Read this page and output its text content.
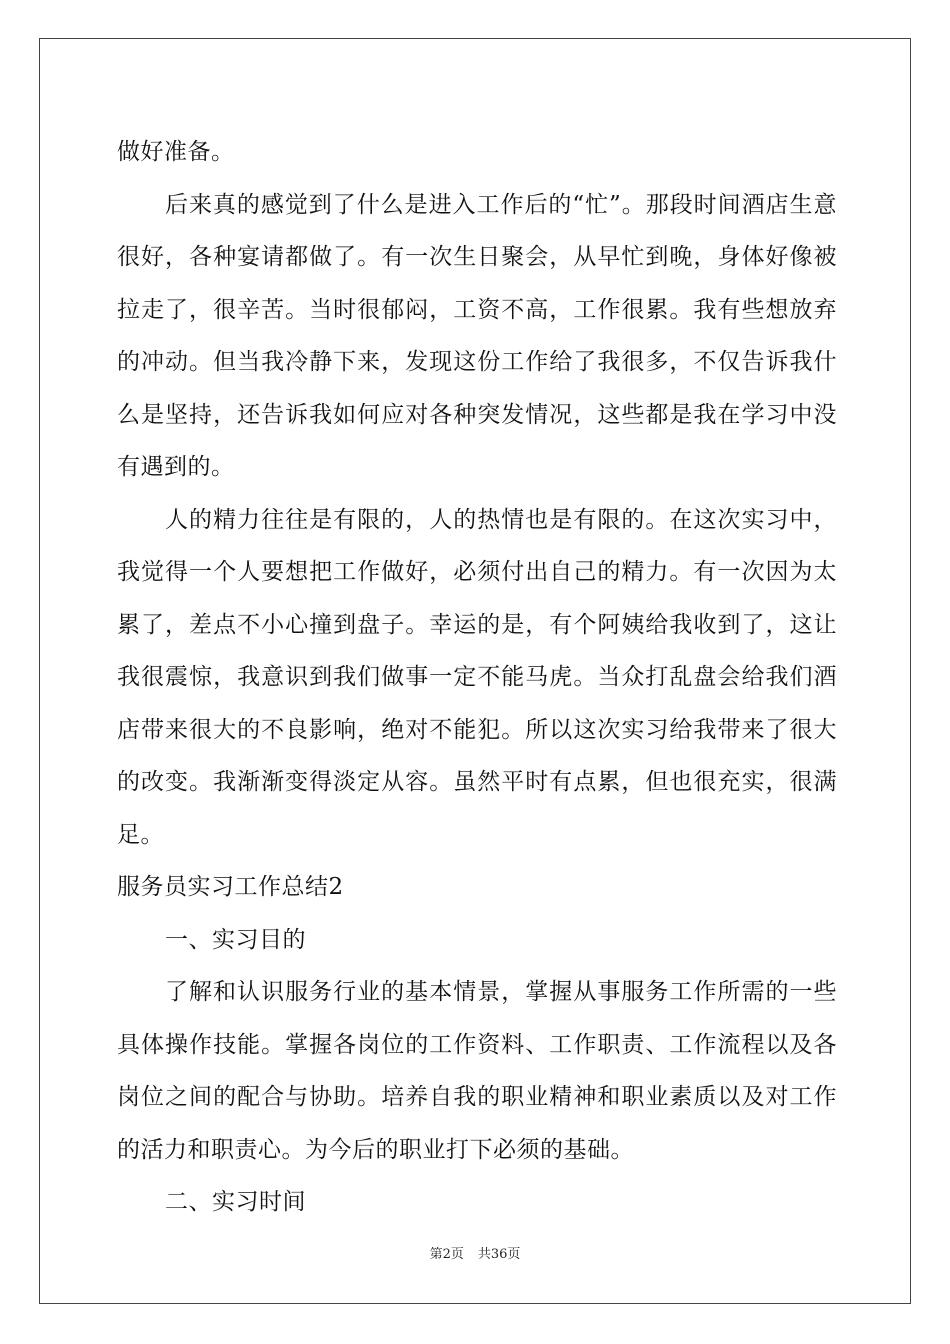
做好准备。

后来真的感觉到了什么是进入工作后的“忙”。那段时间酒店生意很好，各种宴请都做了。有一次生日聚会，从早忙到晚，身体好像被拉走了，很辛苦。当时很郁闷，工资不高，工作很累。我有些想放弃的冲动。但当我冷静下来，发现这份工作给了我很多，不仅告诉我什么是坚持，还告诉我如何应对各种突发情况，这些都是我在学习中没有遇到的。

人的精力往往是有限的，人的热情也是有限的。在这次实习中，我觉得一个人要想把工作做好，必须付出自己的精力。有一次因为太累了，差点不小心撞到盘子。幸运的是，有个阿姨给我收到了，这让我很震惊，我意识到我们做事一定不能马虎。当众打乱盘会给我们酒店带来很大的不良影响，绝对不能犯。所以这次实习给我带来了很大的改变。我渐渐变得淡定从容。虽然平时有点累，但也很充实，很满足。

服务员实习工作总结2

一、实习目的

了解和认识服务行业的基本情景，掌握从事服务工作所需的一些具体操作技能。掌握各岗位的工作资料、工作职责、工作流程以及各岗位之间的配合与协助。培养自我的职业精神和职业素质以及对工作的活力和职责心。为今后的职业打下必须的基础。

二、实习时间

第2页 共36页
